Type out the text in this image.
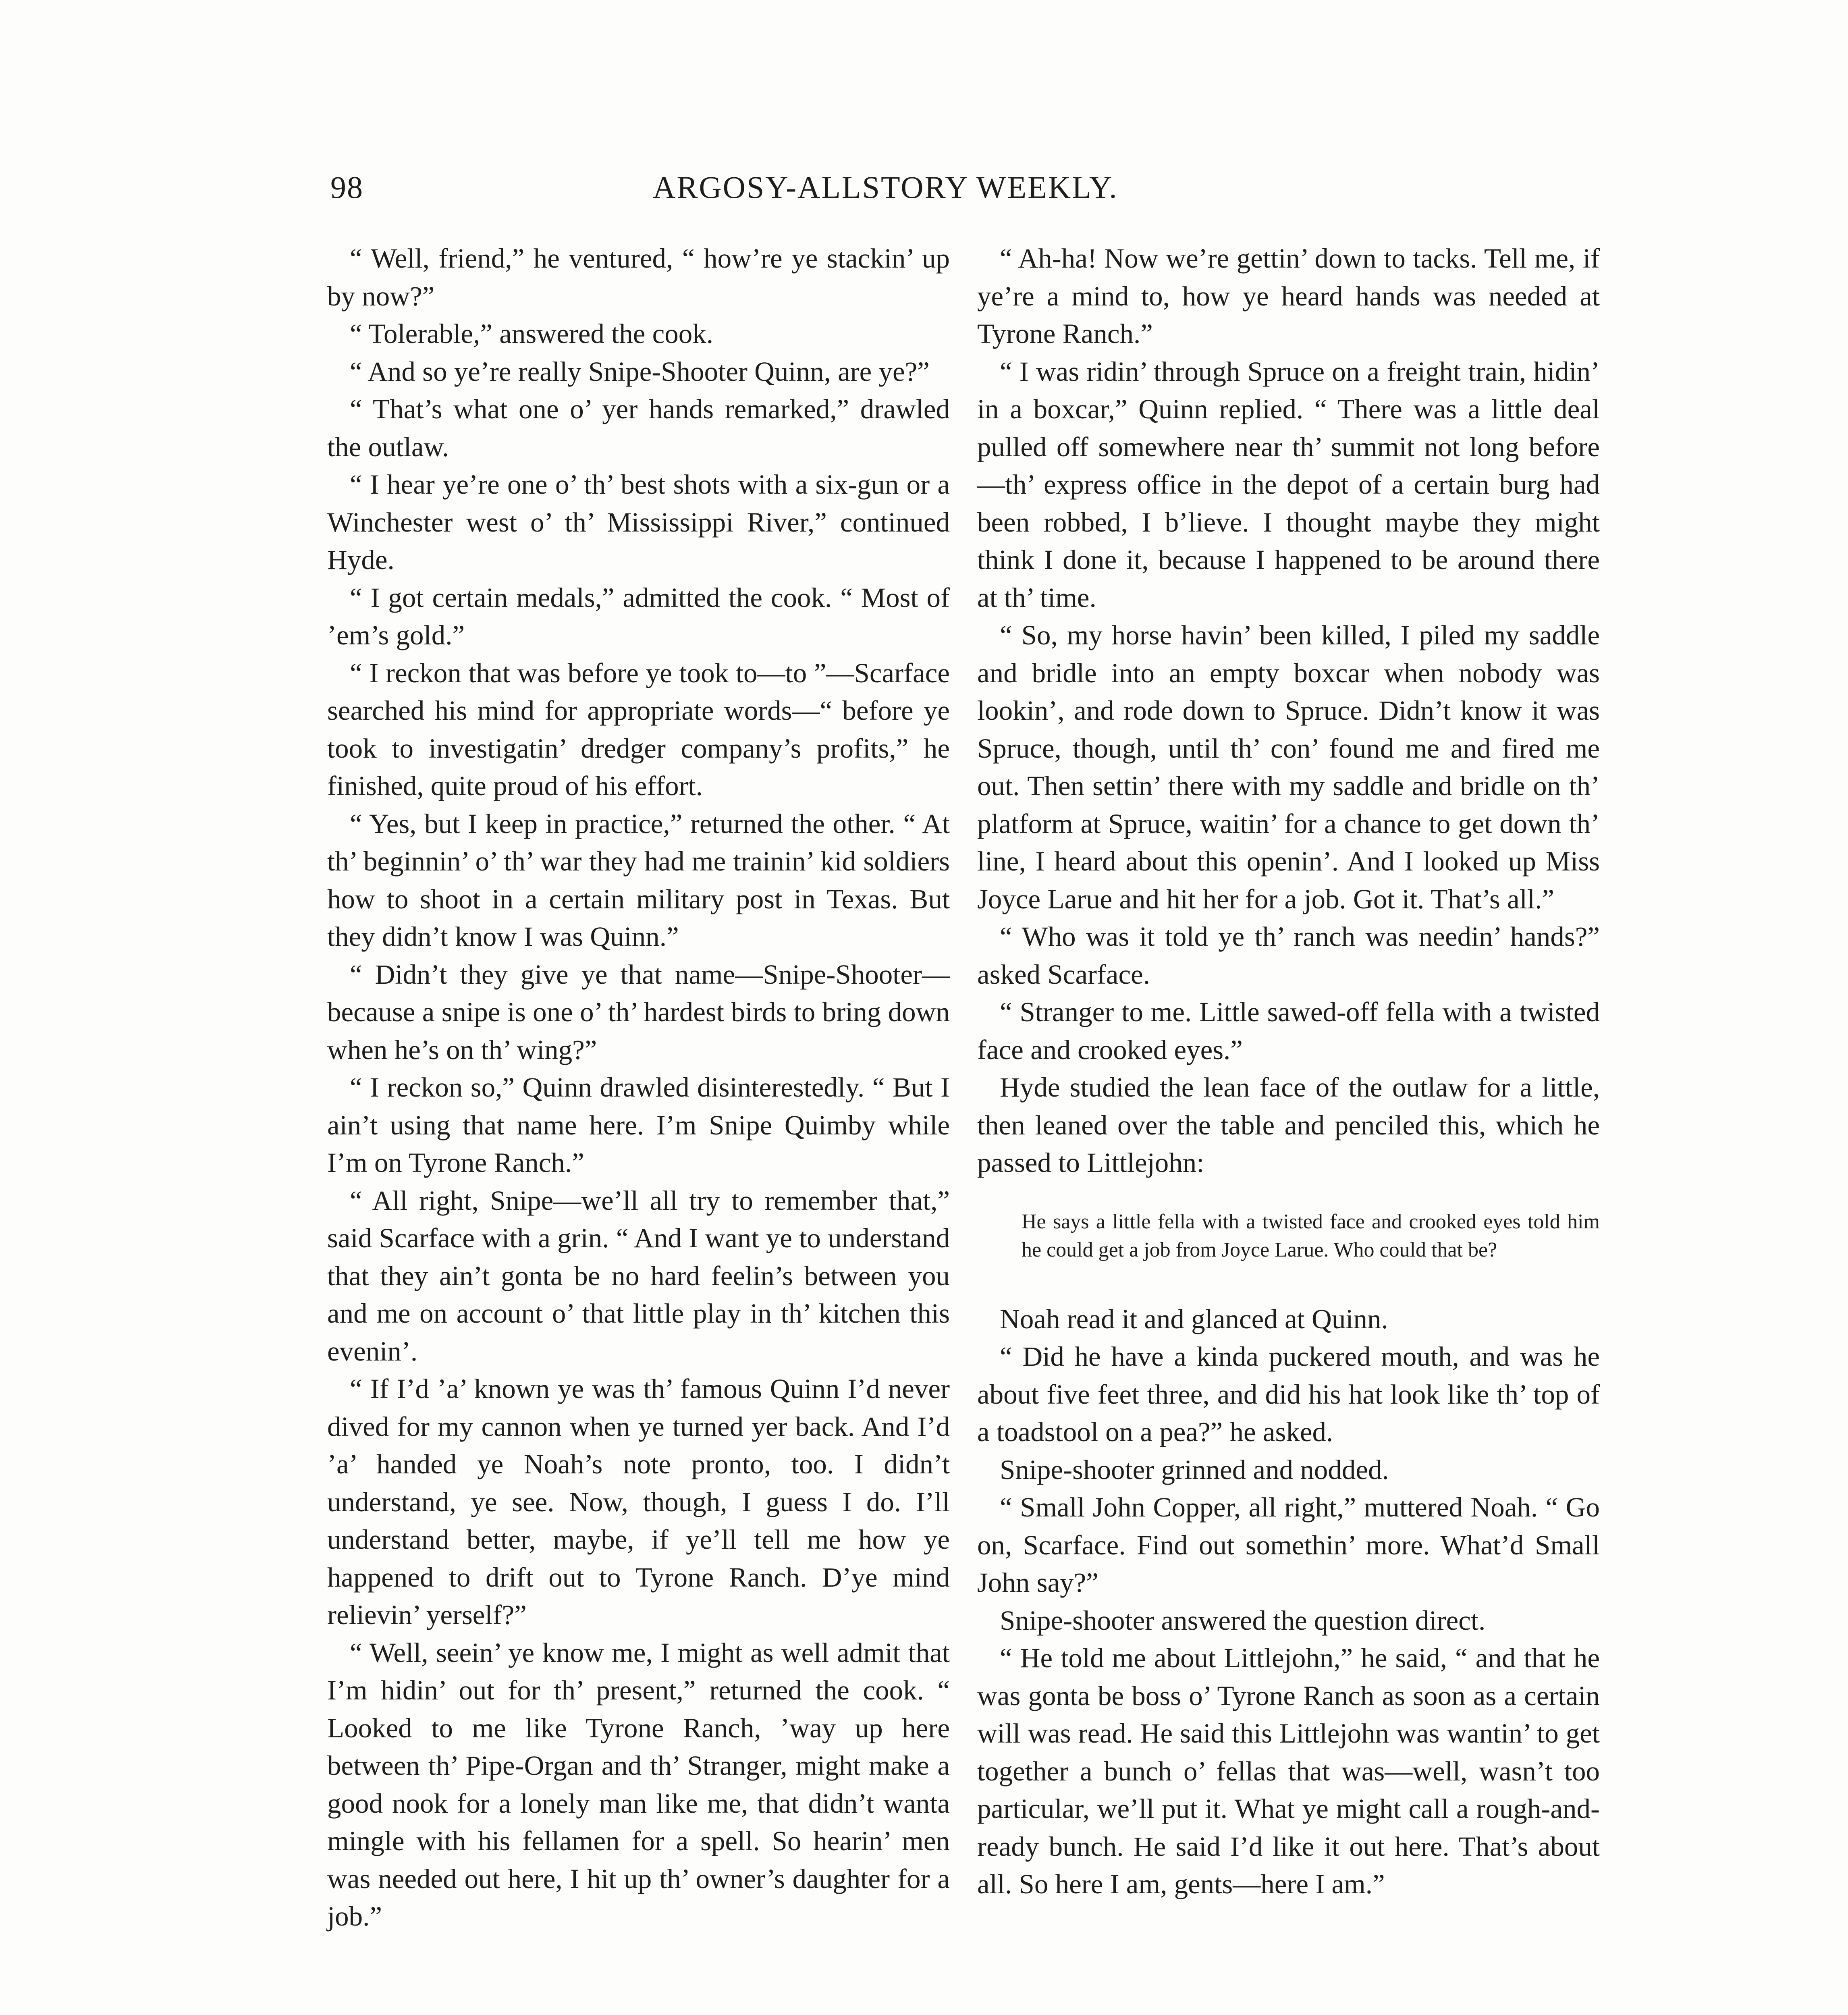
98	ARGOSY-ALLSTORY WEEKLY.

“ Well, friend,” he ventured, “ how’re ye stackin’ up by now?”

“ Tolerable,” answered the cook.

“ And so ye’re really Snipe-Shooter Quinn, are ye?”

“ That’s what one o’ yer hands remarked,” drawled the outlaw.

“ I hear ye’re one o’ th’ best shots with a six-gun or a Winchester west o’ th’ Mississippi River,” continued Hyde.

“ I got certain medals,” admitted the cook. “ Most of ’em’s gold.”

“ I reckon that was before ye took to—to ”—Scarface searched his mind for appropriate words—“ before ye took to investigatin’ dredger company’s profits,” he finished, quite proud of his effort.

“ Yes, but I keep in practice,” returned the other. “ At th’ beginnin’ o’ th’ war they had me trainin’ kid soldiers how to shoot in a certain military post in Texas. But they didn’t know I was Quinn.”

“ Didn’t they give ye that name—Snipe-Shooter—because a snipe is one o’ th’ hardest birds to bring down when he’s on th’ wing?”

“ I reckon so,” Quinn drawled disinterestedly. “ But I ain’t using that name here. I’m Snipe Quimby while I’m on Tyrone Ranch.”

“ All right, Snipe—we’ll all try to remember that,” said Scarface with a grin. “ And I want ye to understand that they ain’t gonta be no hard feelin’s between you and me on account o’ that little play in th’ kitchen this evenin’.

“ If I’d ’a’ known ye was th’ famous Quinn I’d never dived for my cannon when ye turned yer back. And I’d ’a’ handed ye Noah’s note pronto, too. I didn’t understand, ye see. Now, though, I guess I do. I’ll understand better, maybe, if ye’ll tell me how ye happened to drift out to Tyrone Ranch. D’ye mind relievin’ yerself?”

“ Well, seein’ ye know me, I might as well admit that I’m hidin’ out for th’ present,” returned the cook. “ Looked to me like Tyrone Ranch, ’way up here between th’ Pipe-Organ and th’ Stranger, might make a good nook for a lonely man like me, that didn’t wanta mingle with his fellamen for a spell. So hearin’ men was needed out here, I hit up th’ owner’s daughter for a job.”

“ Ah-ha! Now we’re gettin’ down to tacks. Tell me, if ye’re a mind to, how ye heard hands was needed at Tyrone Ranch.”

“ I was ridin’ through Spruce on a freight train, hidin’ in a boxcar,” Quinn replied. “ There was a little deal pulled off somewhere near th’ summit not long before—th’ express office in the depot of a certain burg had been robbed, I b’lieve. I thought maybe they might think I done it, because I happened to be around there at th’ time.

“ So, my horse havin’ been killed, I piled my saddle and bridle into an empty boxcar when nobody was lookin’, and rode down to Spruce. Didn’t know it was Spruce, though, until th’ con’ found me and fired me out. Then settin’ there with my saddle and bridle on th’ platform at Spruce, waitin’ for a chance to get down th’ line, I heard about this openin’. And I looked up Miss Joyce Larue and hit her for a job. Got it. That’s all.”

“ Who was it told ye th’ ranch was needin’ hands?” asked Scarface.

“ Stranger to me. Little sawed-off fella with a twisted face and crooked eyes.”

Hyde studied the lean face of the outlaw for a little, then leaned over the table and penciled this, which he passed to Littlejohn:

He says a little fella with a twisted face and crooked eyes told him he could get a job from Joyce Larue. Who could that be?

Noah read it and glanced at Quinn.

“ Did he have a kinda puckered mouth, and was he about five feet three, and did his hat look like th’ top of a toadstool on a pea?” he asked.

Snipe-shooter grinned and nodded.

“ Small John Copper, all right,” muttered Noah. “ Go on, Scarface. Find out somethin’ more. What’d Small John say?”

Snipe-shooter answered the question direct.

“ He told me about Littlejohn,” he said, “ and that he was gonta be boss o’ Tyrone Ranch as soon as a certain will was read. He said this Littlejohn was wantin’ to get together a bunch o’ fellas that was—well, wasn’t too particular, we’ll put it. What ye might call a rough-and-ready bunch. He said I’d like it out here. That’s about all. So here I am, gents—here I am.”
